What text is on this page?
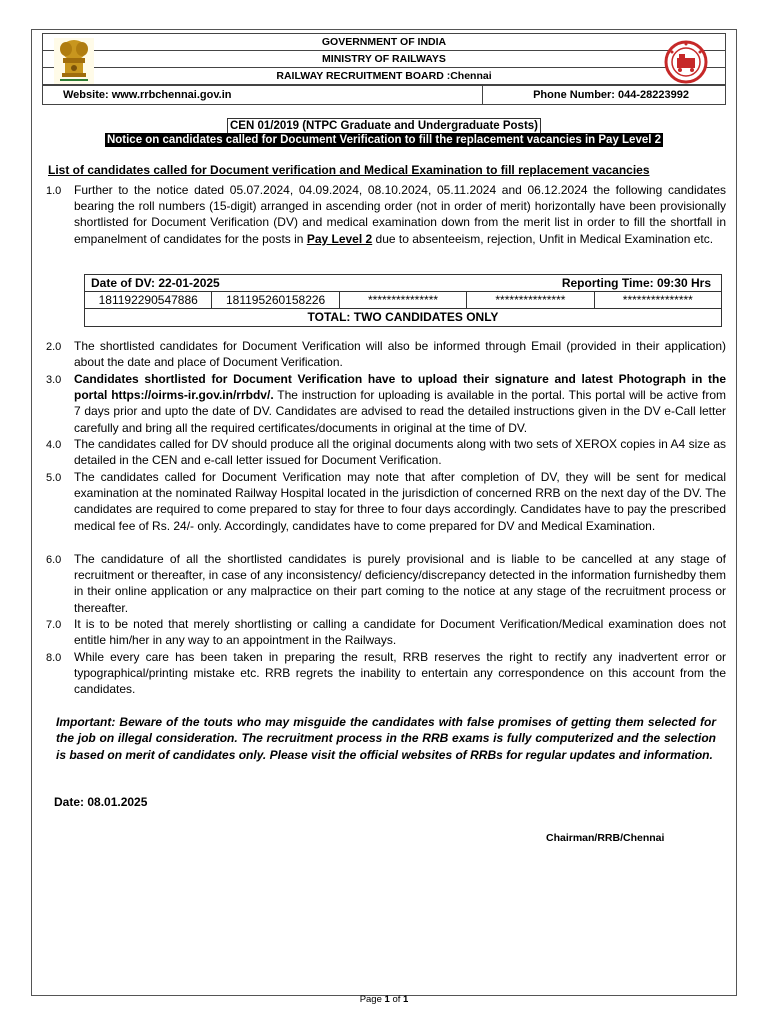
GOVERNMENT OF INDIA
MINISTRY OF RAILWAYS
RAILWAY RECRUITMENT BOARD :Chennai
Website: www.rrbchennai.gov.in	Phone Number: 044-28223992
CEN 01/2019 (NTPC Graduate and Undergraduate Posts)
Notice on candidates called for Document Verification to fill the replacement vacancies in Pay Level 2
List of candidates called for Document verification and Medical Examination to fill replacement vacancies
1.0	Further to the notice dated 05.07.2024, 04.09.2024, 08.10.2024, 05.11.2024 and 06.12.2024 the following candidates bearing the roll numbers (15-digit) arranged in ascending order (not in order of merit) horizontally have been provisionally shortlisted for Document Verification (DV) and medical examination down from the merit list in order to fill the shortfall in empanelment of candidates for the posts in Pay Level 2 due to absenteeism, rejection, Unfit in Medical Examination etc.
Date of DV: 22-01-2025	Reporting Time: 09:30 Hrs
181192290547886	181195260158226	***************	***************	***************
TOTAL: TWO CANDIDATES ONLY
2.0	The shortlisted candidates for Document Verification will also be informed through Email (provided in their application) about the date and place of Document Verification.
3.0	Candidates shortlisted for Document Verification have to upload their signature and latest Photograph in the portal https://oirms-ir.gov.in/rrbdv/. The instruction for uploading is available in the portal. This portal will be active from 7 days prior and upto the date of DV. Candidates are advised to read the detailed instructions given in the DV e-Call letter carefully and bring all the required certificates/documents in original at the time of DV.
4.0	The candidates called for DV should produce all the original documents along with two sets of XEROX copies in A4 size as detailed in the CEN and e-call letter issued for Document Verification.
5.0	The candidates called for Document Verification may note that after completion of DV, they will be sent for medical examination at the nominated Railway Hospital located in the jurisdiction of concerned RRB on the next day of the DV. The candidates are required to come prepared to stay for three to four days accordingly. Candidates have to pay the prescribed medical fee of Rs. 24/- only. Accordingly, candidates have to come prepared for DV and Medical Examination.
6.0	The candidature of all the shortlisted candidates is purely provisional and is liable to be cancelled at any stage of recruitment or thereafter, in case of any inconsistency/ deficiency/discrepancy detected in the information furnishedby them in their online application or any malpractice on their part coming to the notice at any stage of the recruitment process or thereafter.
7.0	It is to be noted that merely shortlisting or calling a candidate for Document Verification/Medical examination does not entitle him/her in any way to an appointment in the Railways.
8.0	While every care has been taken in preparing the result, RRB reserves the right to rectify any inadvertent error or typographical/printing mistake etc. RRB regrets the inability to entertain any correspondence on this account from the candidates.
Important: Beware of the touts who may misguide the candidates with false promises of getting them selected for the job on illegal consideration. The recruitment process in the RRB exams is fully computerized and the selection is based on merit of candidates only. Please visit the official websites of RRBs for regular updates and information.
Date: 08.01.2025
Chairman/RRB/Chennai
Page 1 of 1
